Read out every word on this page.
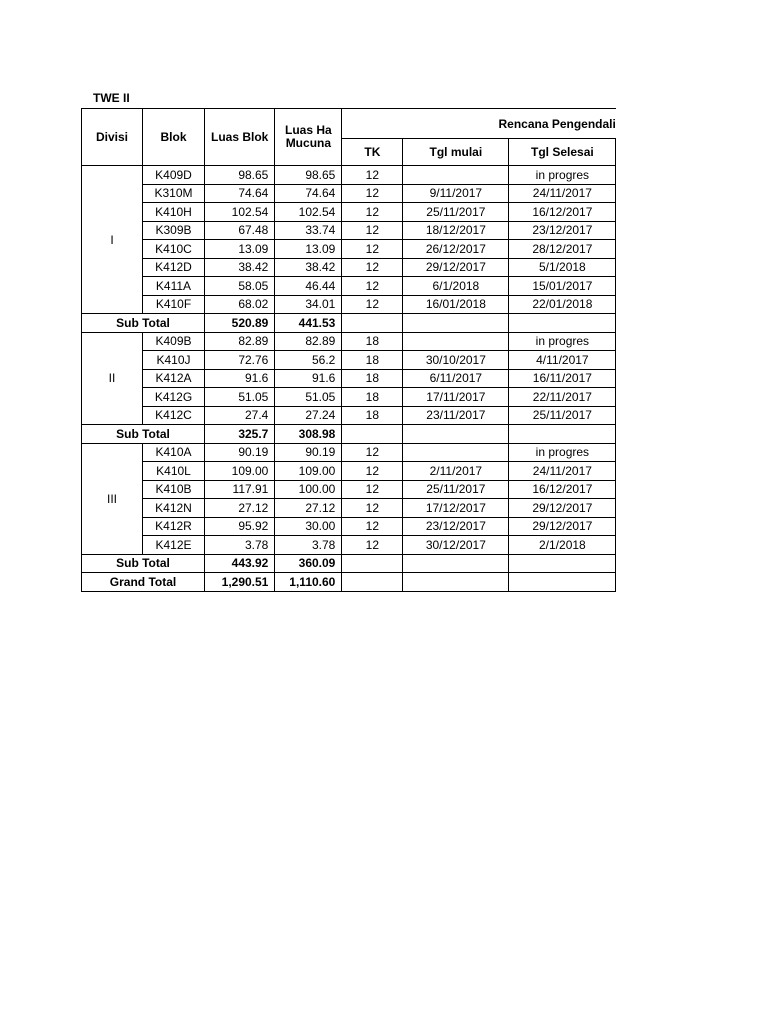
TWE II
Divisi	Blok	Luas Blok	Luas Ha Mucuna	Rencana Pengendali		
				TK	Tgl mulai	Tgl Selesai
I	K409D	98.65	98.65	12		in progres
	K310M	74.64	74.64	12	9/11/2017	24/11/2017
	K410H	102.54	102.54	12	25/11/2017	16/12/2017
	K309B	67.48	33.74	12	18/12/2017	23/12/2017
	K410C	13.09	13.09	12	26/12/2017	28/12/2017
	K412D	38.42	38.42	12	29/12/2017	5/1/2018
	K411A	58.05	46.44	12	6/1/2018	15/01/2017
	K410F	68.02	34.01	12	16/01/2018	22/01/2018
Sub Total		520.89	441.53			
II	K409B	82.89	82.89	18		in progres
	K410J	72.76	56.2	18	30/10/2017	4/11/2017
	K412A	91.6	91.6	18	6/11/2017	16/11/2017
	K412G	51.05	51.05	18	17/11/2017	22/11/2017
	K412C	27.4	27.24	18	23/11/2017	25/11/2017
Sub Total		325.7	308.98			
III	K410A	90.19	90.19	12		in progres
	K410L	109.00	109.00	12	2/11/2017	24/11/2017
	K410B	117.91	100.00	12	25/11/2017	16/12/2017
	K412N	27.12	27.12	12	17/12/2017	29/12/2017
	K412R	95.92	30.00	12	23/12/2017	29/12/2017
	K412E	3.78	3.78	12	30/12/2017	2/1/2018
Sub Total		443.92	360.09			
Grand Total		1,290.51	1,110.60			
